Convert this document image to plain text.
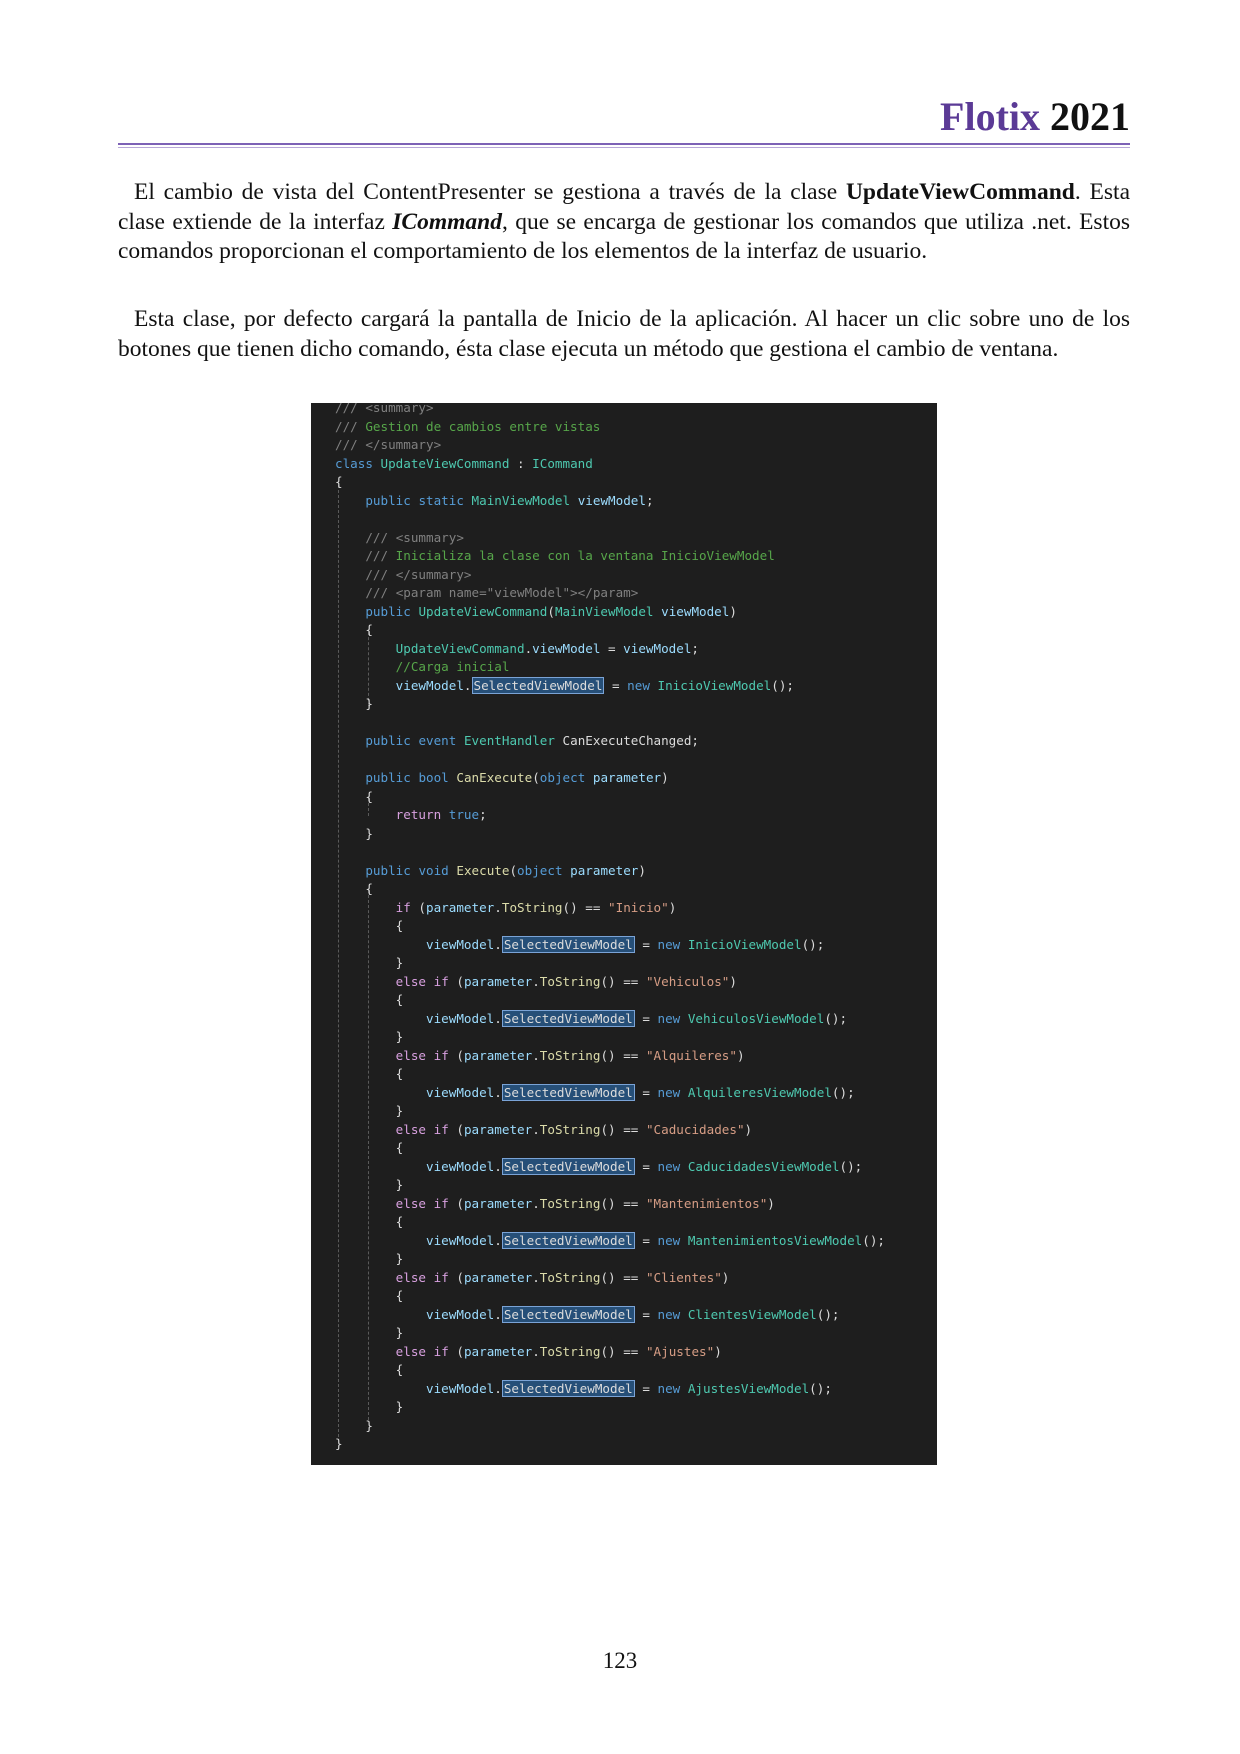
Flotix 2021

El cambio de vista del ContentPresenter se gestiona a través de la clase UpdateViewCommand. Esta clase extiende de la interfaz ICommand, que se encarga de gestionar los comandos que utiliza .net. Estos comandos proporcionan el comportamiento de los elementos de la interfaz de usuario.

Esta clase, por defecto cargará la pantalla de Inicio de la aplicación. Al hacer un clic sobre uno de los botones que tienen dicho comando, ésta clase ejecuta un método que gestiona el cambio de ventana.

/// <summary>
/// Gestion de cambios entre vistas
/// </summary>
class UpdateViewCommand : ICommand
{
public static MainViewModel viewModel;

/// <summary>
/// Inicializa la clase con la ventana InicioViewModel
/// </summary>
/// <param name="viewModel"></param>
public UpdateViewCommand(MainViewModel viewModel)
{
UpdateViewCommand.viewModel = viewModel;
//Carga inicial
viewModel. SelectedViewModel = new InicioViewModel();
}

public event EventHandler CanExecuteChanged;

public bool CanExecute(object parameter)
{
return true;
}

public void Execute(object parameter)
{
if (parameter.ToString() == "Inicio")
{
viewModel. SelectedViewModel = new InicioViewModel();
}
else if (parameter.ToString() == "Vehiculos")
{
viewModel. SelectedViewModel = new VehiculosViewModel();
}
else if (parameter.ToString() == "Alquileres")
{
viewModel. SelectedViewModel = new AlquileresViewModel();
}
else if (parameter.ToString() == "Caducidades")
{
viewModel. SelectedViewModel = new CaducidadesViewModel();
}
else if (parameter.ToString() == "Mantenimientos")
{
viewModel. SelectedViewModel = new MantenimientosViewModel();
}
else if (parameter.ToString() == "Clientes")
{
viewModel. SelectedViewModel = new ClientesViewModel();
}
else if (parameter.ToString() == "Ajustes")
{
viewModel. SelectedViewModel = new AjustesViewModel();
}
}
}
123
